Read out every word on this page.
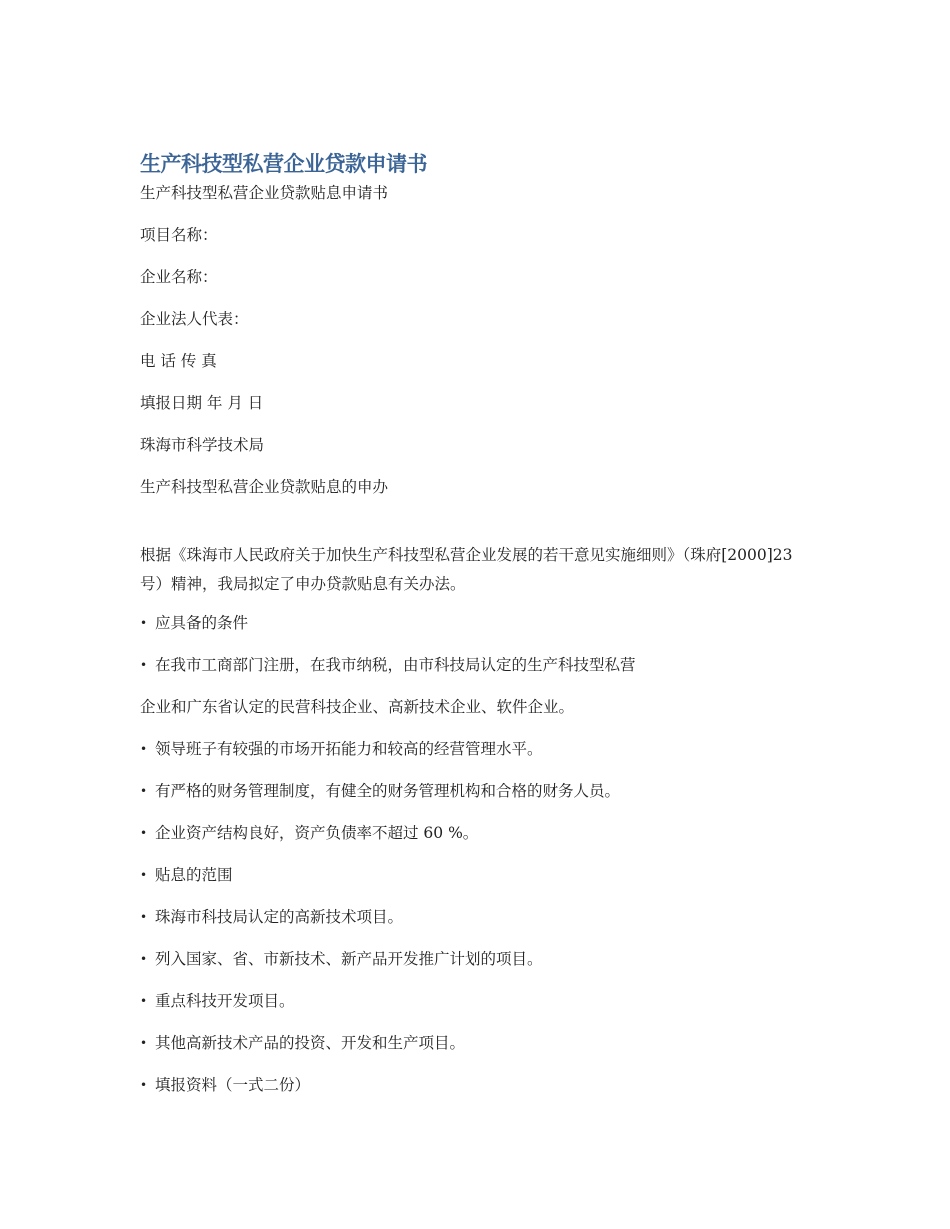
生产科技型私营企业贷款申请书

生产科技型私营企业贷款贴息申请书

项目名称：

企业名称：

企业法人代表：

电 话 传 真

填报日期 年 月 日

珠海市科学技术局

生产科技型私营企业贷款贴息的申办

根据《珠海市人民政府关于加快生产科技型私营企业发展的若干意见实施细则》（珠府[2000]23 号）精神，我局拟定了申办贷款贴息有关办法。

• 应具备的条件

• 在我市工商部门注册，在我市纳税，由市科技局认定的生产科技型私营

企业和广东省认定的民营科技企业、高新技术企业、软件企业。

• 领导班子有较强的市场开拓能力和较高的经营管理水平。

• 有严格的财务管理制度，有健全的财务管理机构和合格的财务人员。

• 企业资产结构良好，资产负债率不超过 60 %。

• 贴息的范围

• 珠海市科技局认定的高新技术项目。

• 列入国家、省、市新技术、新产品开发推广计划的项目。

• 重点科技开发项目。

• 其他高新技术产品的投资、开发和生产项目。

• 填报资料（一式二份）
